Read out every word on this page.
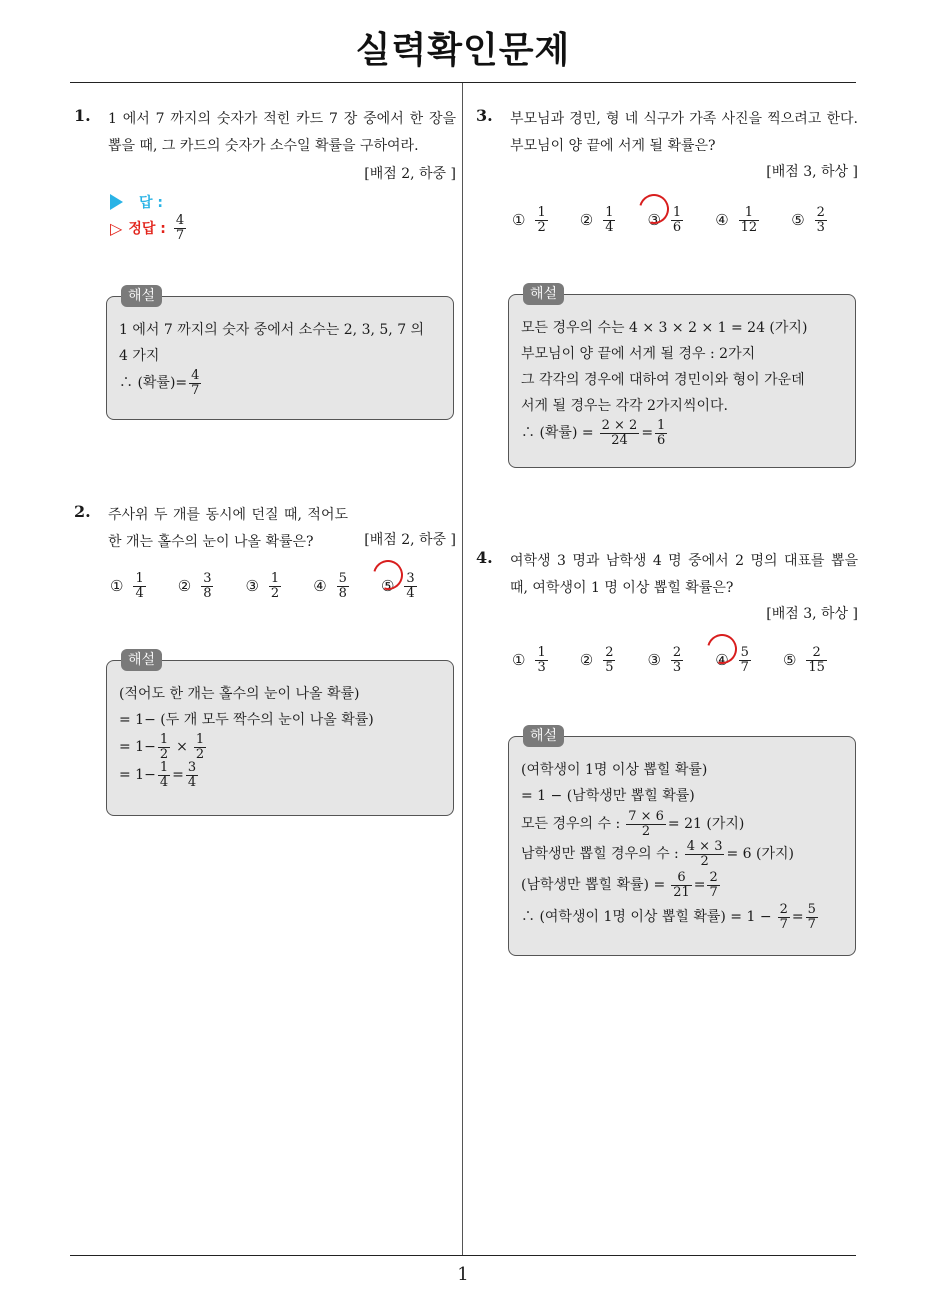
실력확인문제
1. 1 에서 7 까지의 숫자가 적힌 카드 7 장 중에서 한 장을 뽑을 때, 그 카드의 숫자가 소수일 확률을 구하여라.
[배점 2, 하중 ]
답 :
▷ 정답 : $\frac{4}{7}$
해설
1 에서 7 까지의 숫자 중에서 소수는 2, 3, 5, 7 의
4 가지
∴ (확률)= $\frac{4}{7}$
2. 주사위 두 개를 동시에 던질 때, 적어도 한 개는 홀수의 눈이 나올 확률은?	[배점 2, 하중 ]
① $\frac{1}{4}$ ② $\frac{3}{8}$ ③ $\frac{1}{2}$ ④ $\frac{5}{8}$ ⑤ $\frac{3}{4}$
해설
(적어도 한 개는 홀수의 눈이 나올 확률)
= 1− (두 개 모두 짝수의 눈이 나올 확률)
= $1- \frac{1}{2} \times \frac{1}{2}$
= $1- \frac{1}{4} = \frac{3}{4}$
3. 부모님과 경민, 형 네 식구가 가족 사진을 찍으려고 한다. 부모님이 양 끝에 서게 될 확률은?
[배점 3, 하상 ]
① $\frac{1}{2}$ ② $\frac{1}{4}$ ③ $\frac{1}{6}$ ④ $\frac{1}{12}$ ⑤ $\frac{2}{3}$
해설
모든 경우의 수는 4 × 3 × 2 × 1 = 24 (가지)
부모님이 양 끝에 서게 될 경우 : 2가지
그 각각의 경우에 대하여 경민이와 형이 가운데
서게 될 경우는 각각 2가지씩이다.
∴ (확률) = $\frac{2 \times 2}{24} = \frac{1}{6}$
4. 여학생 3 명과 남학생 4 명 중에서 2 명의 대표를 뽑을 때, 여학생이 1 명 이상 뽑힐 확률은?
[배점 3, 하상 ]
① $\frac{1}{3}$ ② $\frac{2}{5}$ ③ $\frac{2}{3}$ ④ $\frac{5}{7}$ ⑤ $\frac{2}{15}$
해설
(여학생이 1명 이상 뽑힐 확률)
= 1 − (남학생만 뽑힐 확률)
모든 경우의 수 : $\frac{7 \times 6}{2} = 21$ (가지)
남학생만 뽑힐 경우의 수 : $\frac{4 \times 3}{2} = 6$ (가지)
(남학생만 뽑힐 확률) = $\frac{6}{21} = \frac{2}{7}$
∴ (여학생이 1명 이상 뽑힐 확률) = $1 - \frac{2}{7} = \frac{5}{7}$
1
